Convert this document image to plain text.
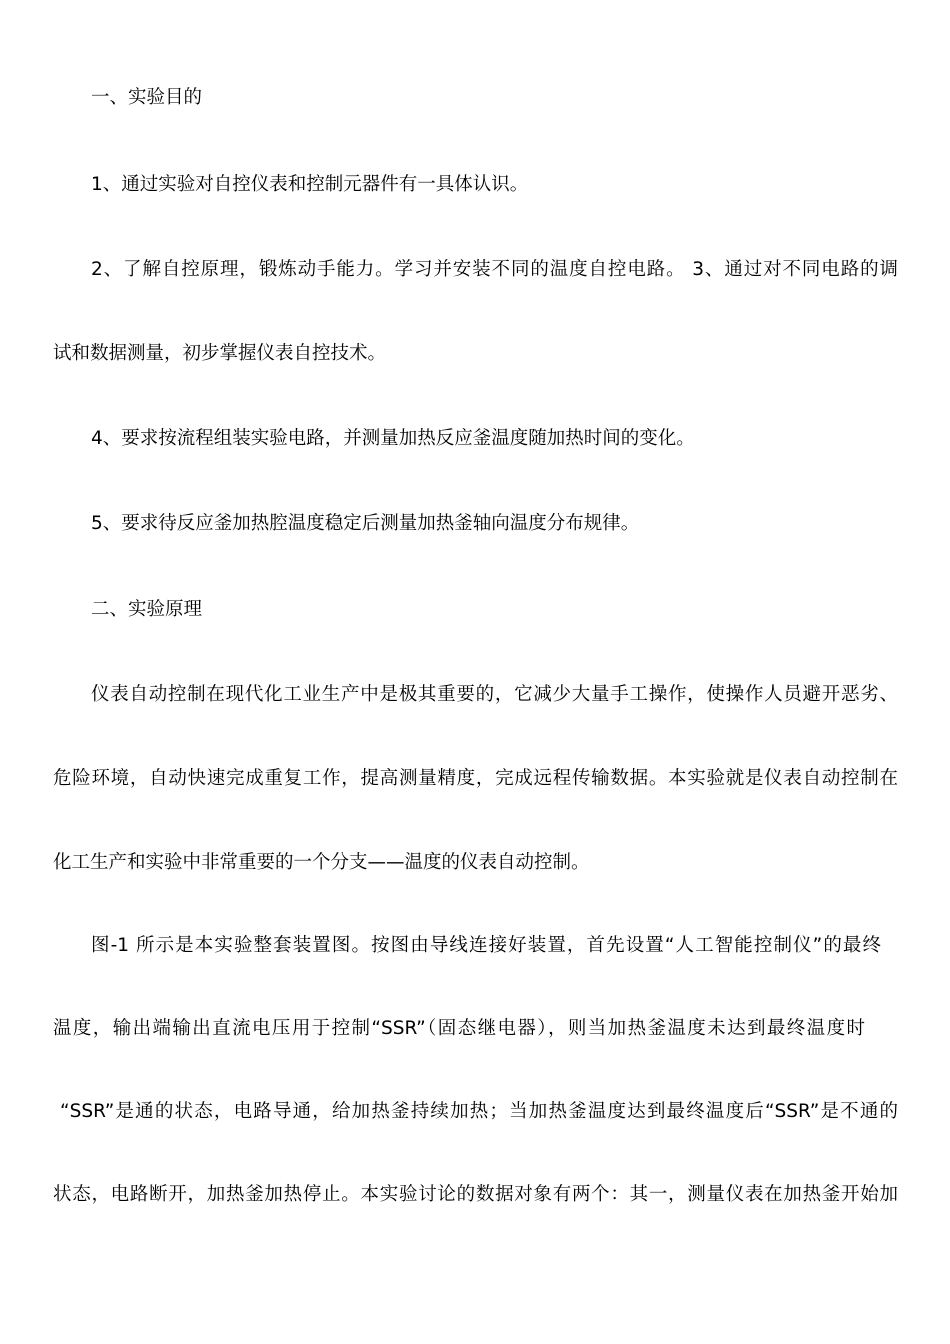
一、实验目的
1、通过实验对自控仪表和控制元器件有一具体认识。
2、了解自控原理，锻炼动手能力。学习并安装不同的温度自控电路。 3、通过对不同电路的调
试和数据测量，初步掌握仪表自控技术。
4、要求按流程组装实验电路，并测量加热反应釜温度随加热时间的变化。
5、要求待反应釜加热腔温度稳定后测量加热釜轴向温度分布规律。
二、实验原理
仪表自动控制在现代化工业生产中是极其重要的，它减少大量手工操作，使操作人员避开恶劣、
危险环境，自动快速完成重复工作，提高测量精度，完成远程传输数据。本实验就是仪表自动控制在
化工生产和实验中非常重要的一个分支——温度的仪表自动控制。
图-1 所示是本实验整套装置图。按图由导线连接好装置，首先设置“人工智能控制仪”的最终
温度，输出端输出直流电压用于控制“SSR”（固态继电器），则当加热釜温度未达到最终温度时
“SSR”是通的状态，电路导通，给加热釜持续加热；当加热釜温度达到最终温度后“SSR”是不通的
状态，电路断开，加热釜加热停止。本实验讨论的数据对象有两个：其一，测量仪表在加热釜开始加
